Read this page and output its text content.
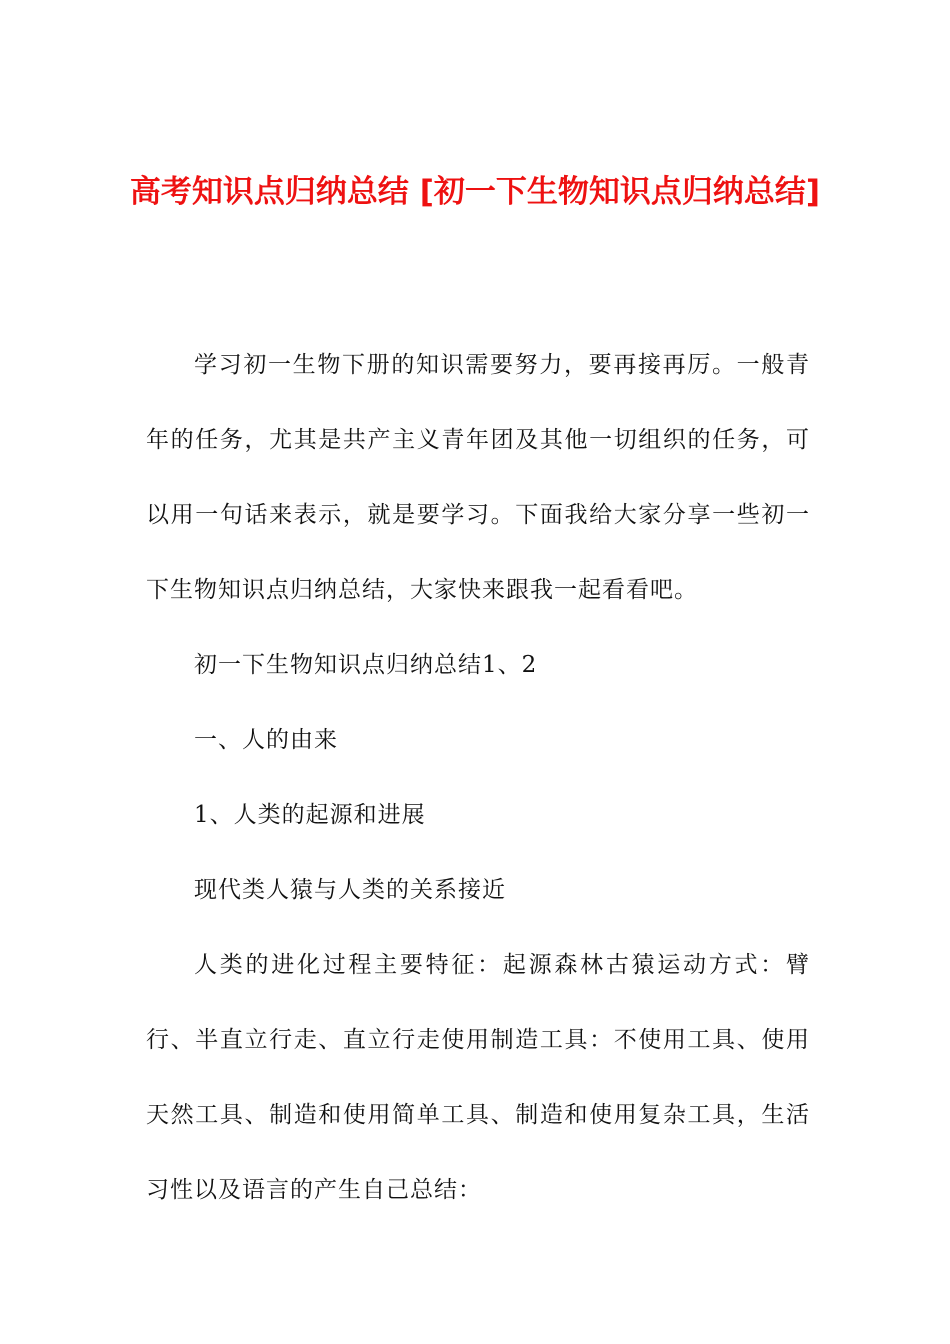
高考知识点归纳总结 [初一下生物知识点归纳总结]

学习初一生物下册的知识需要努力，要再接再厉。一般青年的任务，尤其是共产主义青年团及其他一切组织的任务，可以用一句话来表示，就是要学习。下面我给大家分享一些初一下生物知识点归纳总结，大家快来跟我一起看看吧。

初一下生物知识点归纳总结1、2

一、人的由来

1、人类的起源和进展

现代类人猿与人类的关系接近

人类的进化过程主要特征：起源森林古猿运动方式：臂行、半直立行走、直立行走使用制造工具：不使用工具、使用天然工具、制造和使用简单工具、制造和使用复杂工具，生活习性以及语言的产生自己总结：
